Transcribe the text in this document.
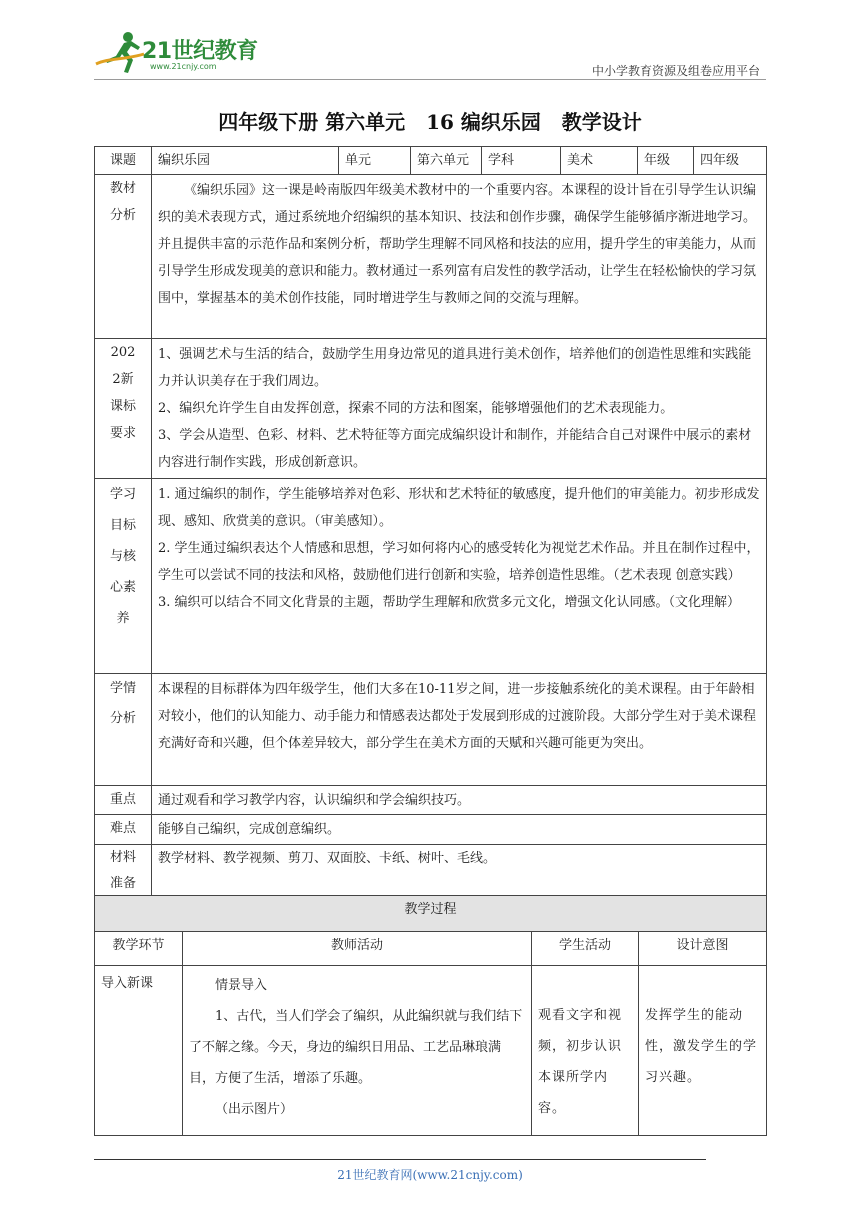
21世纪教育
www.21cnjy.com	中小学教育资源及组卷应用平台
四年级下册 第六单元   16 编织乐园   教学设计
课题	编织乐园	单元	第六单元	学科	美术	年级	四年级
教材分析	《编织乐园》这一课是岭南版四年级美术教材中的一个重要内容。本课程的设计旨在引导学生认识编织的美术表现方式，通过系统地介绍编织的基本知识、技法和创作步骤，确保学生能够循序渐进地学习。并且提供丰富的示范作品和案例分析，帮助学生理解不同风格和技法的应用，提升学生的审美能力，从而引导学生形成发现美的意识和能力。教材通过一系列富有启发性的教学活动，让学生在轻松愉快的学习氛围中，掌握基本的美术创作技能，同时增进学生与教师之间的交流与理解。						

2022新课标要求	1、强调艺术与生活的结合，鼓励学生用身边常见的道具进行美术创作，培养他们的创造性思维和实践能力并认识美存在于我们周边。

2、编织允许学生自由发挥创意，探索不同的方法和图案，能够增强他们的艺术表现能力。

3、学会从造型、色彩、材料、艺术特征等方面完成编织设计和制作，并能结合自己对课件中展示的素材内容进行制作实践，形成创新意识。						

学习目标与核心素养	1. 通过编织的制作，学生能够培养对色彩、形状和艺术特征的敏感度，提升他们的审美能力。初步形成发现、感知、欣赏美的意识。（审美感知）。

2. 学生通过编织表达个人情感和思想，学习如何将内心的感受转化为视觉艺术作品。并且在制作过程中，学生可以尝试不同的技法和风格，鼓励他们进行创新和实验，培养创造性思维。（艺术表现 创意实践）

3. 编织可以结合不同文化背景的主题，帮助学生理解和欣赏多元文化，增强文化认同感。（文化理解）						

学情分析	本课程的目标群体为四年级学生，他们大多在10-11岁之间，进一步接触系统化的美术课程。由于年龄相对较小，他们的认知能力、动手能力和情感表达都处于发展到形成的过渡阶段。大部分学生对于美术课程充满好奇和兴趣，但个体差异较大，部分学生在美术方面的天赋和兴趣可能更为突出。						

重点	通过观看和学习教学内容，认识编织和学会编织技巧。						
难点	能够自己编织，完成创意编织。						
材料准备	教学材料、教学视频、剪刀、双面胶、卡纸、树叶、毛线。						
教学过程			
教学环节	教师活动	学生活动	设计意图
导入新课	情景导入

1、古代，当人们学会了编织，从此编织就与我们结下了不解之缘。今天，身边的编织日用品、工艺品琳琅满目，方便了生活，增添了乐趣。

（出示图片）	观看文字和视频，初步认识本课所学内容。	发挥学生的能动性，激发学生的学习兴趣。

21世纪教育网(www.21cnjy.com)
